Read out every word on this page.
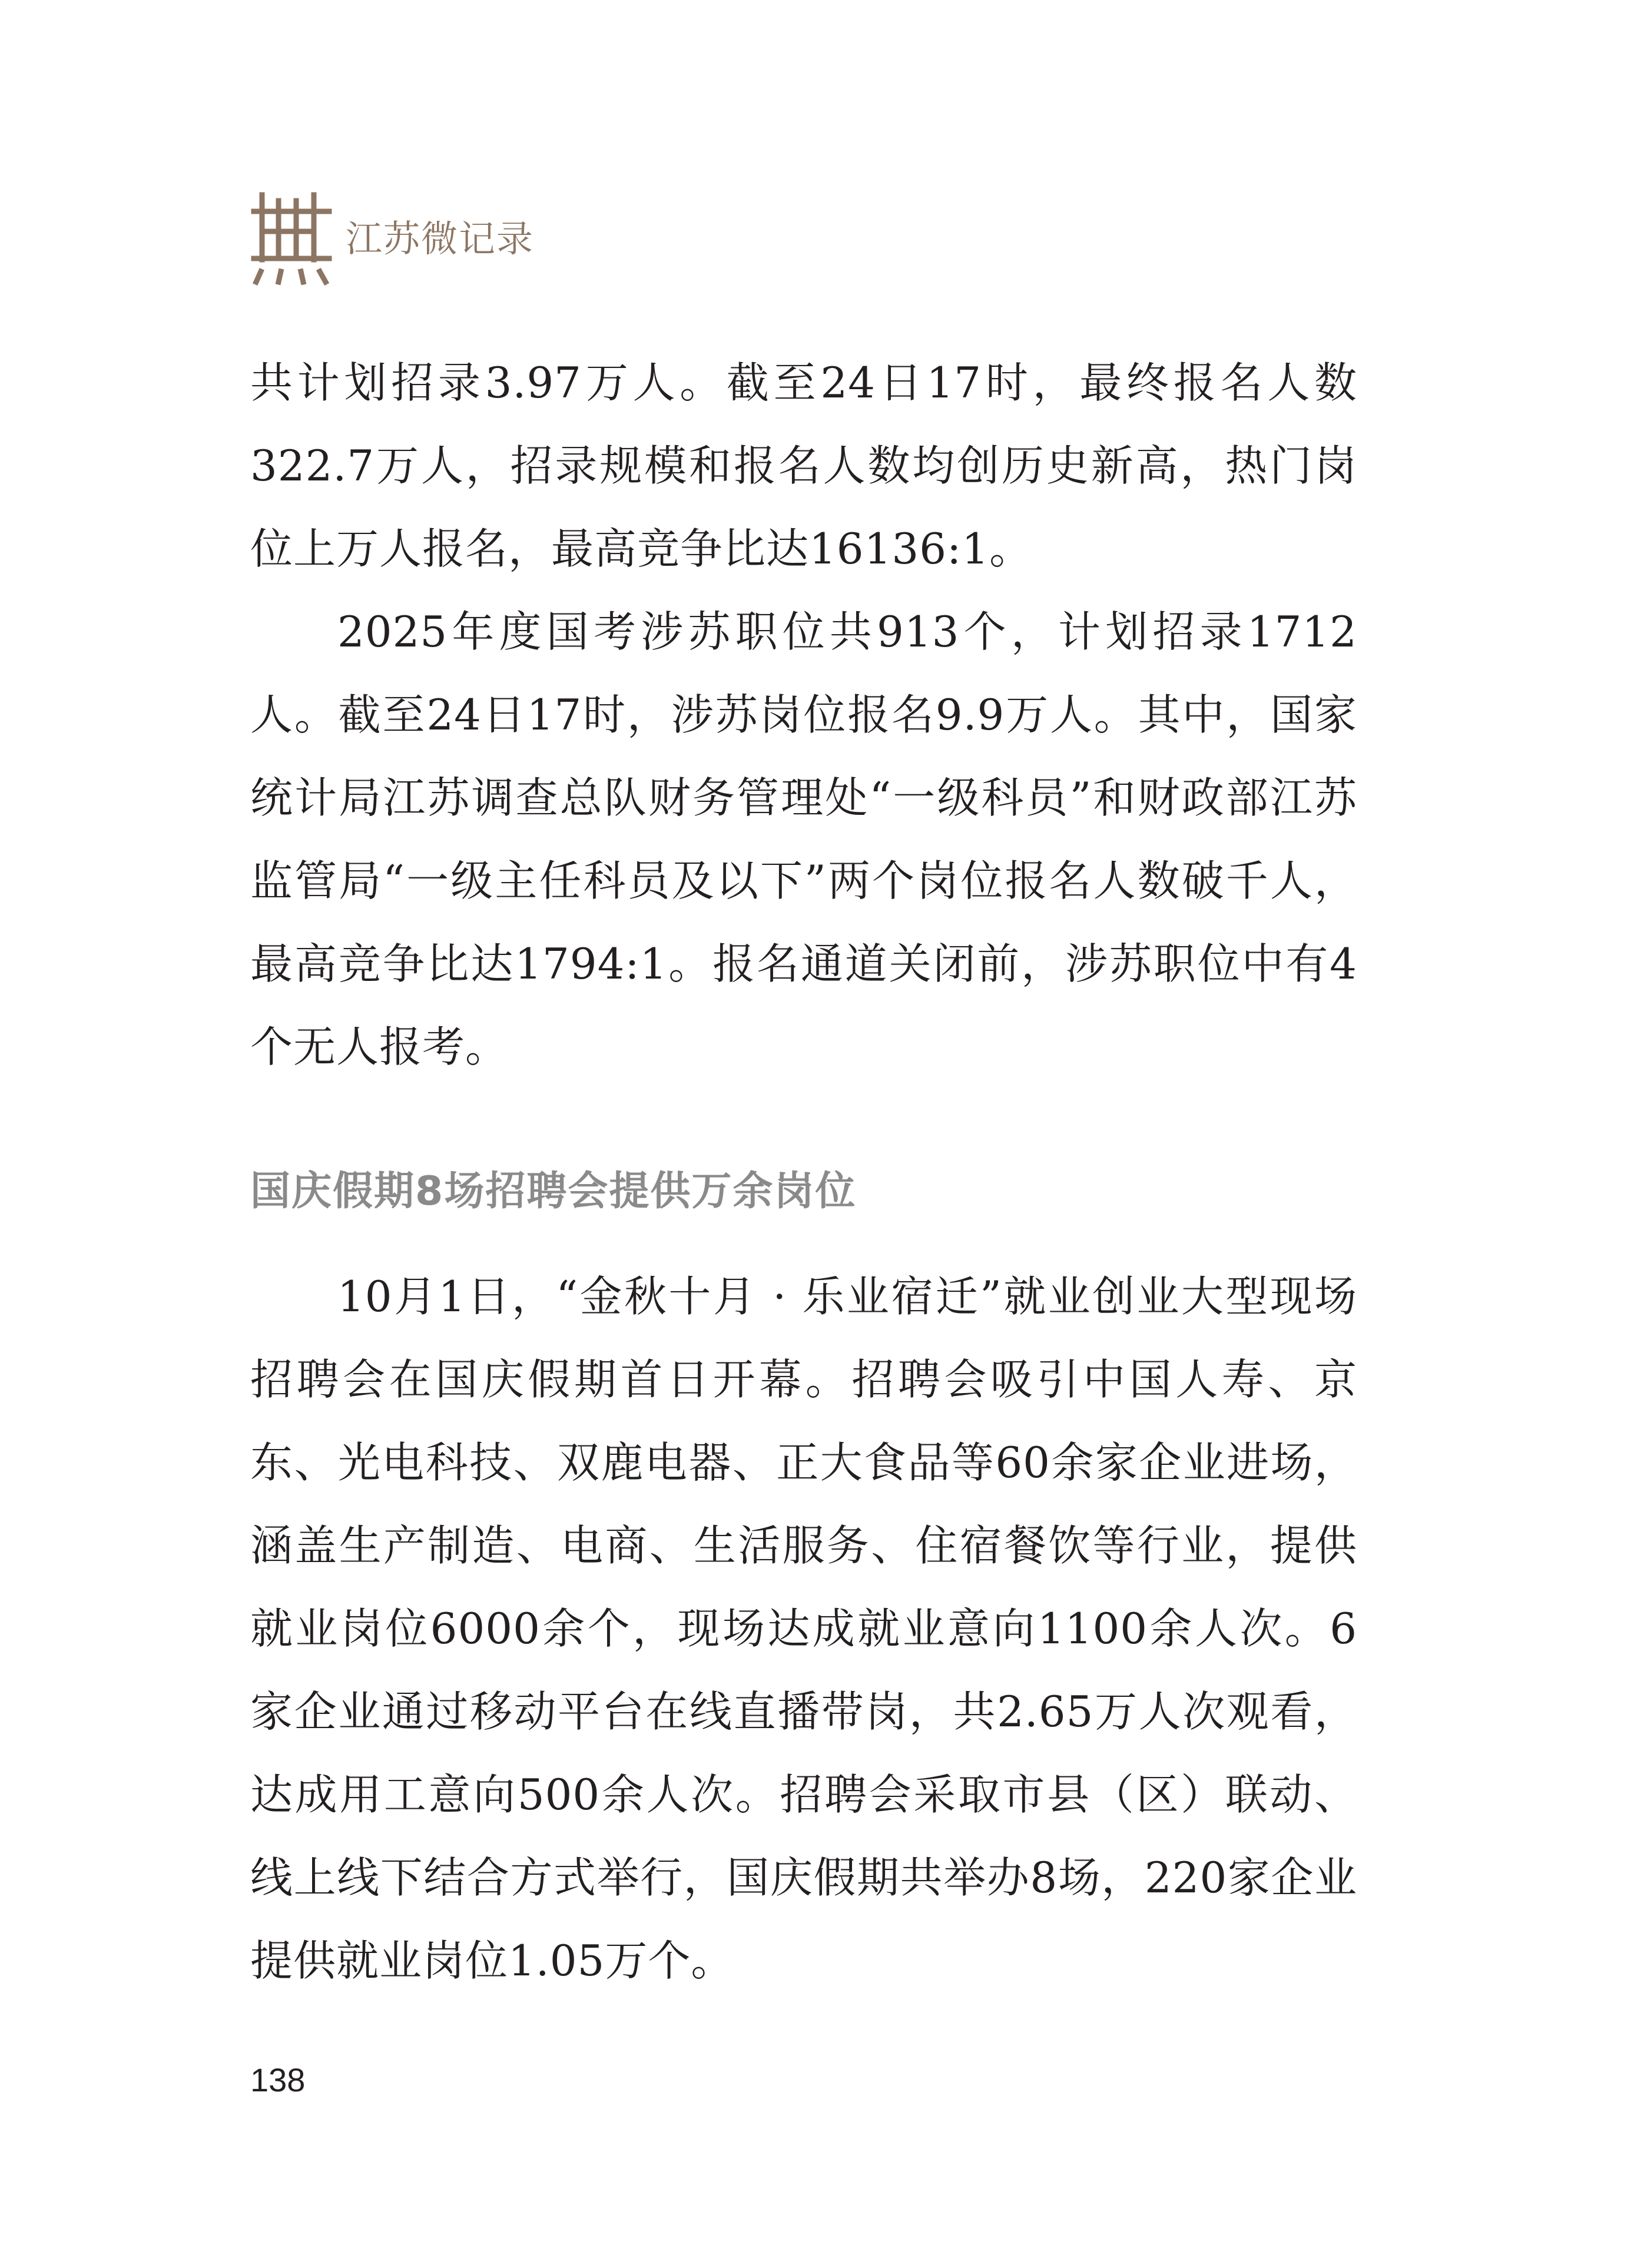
江苏微记录

共计划招录3.97万人。截至24日17时，最终报名人数322.7万人，招录规模和报名人数均创历史新高，热门岗位上万人报名，最高竞争比达16136:1。

2025年度国考涉苏职位共913个，计划招录1712人。截至24日17时，涉苏岗位报名9.9万人。其中，国家统计局江苏调查总队财务管理处“一级科员”和财政部江苏监管局“一级主任科员及以下”两个岗位报名人数破千人，最高竞争比达1794:1。报名通道关闭前，涉苏职位中有4个无人报考。

国庆假期8场招聘会提供万余岗位

10月1日，“金秋十月 · 乐业宿迁”就业创业大型现场招聘会在国庆假期首日开幕。招聘会吸引中国人寿、京东、光电科技、双鹿电器、正大食品等60余家企业进场，涵盖生产制造、电商、生活服务、住宿餐饮等行业，提供就业岗位6000余个，现场达成就业意向1100余人次。6家企业通过移动平台在线直播带岗，共2.65万人次观看，达成用工意向500余人次。招聘会采取市县（区）联动、线上线下结合方式举行，国庆假期共举办8场，220家企业提供就业岗位1.05万个。

138
